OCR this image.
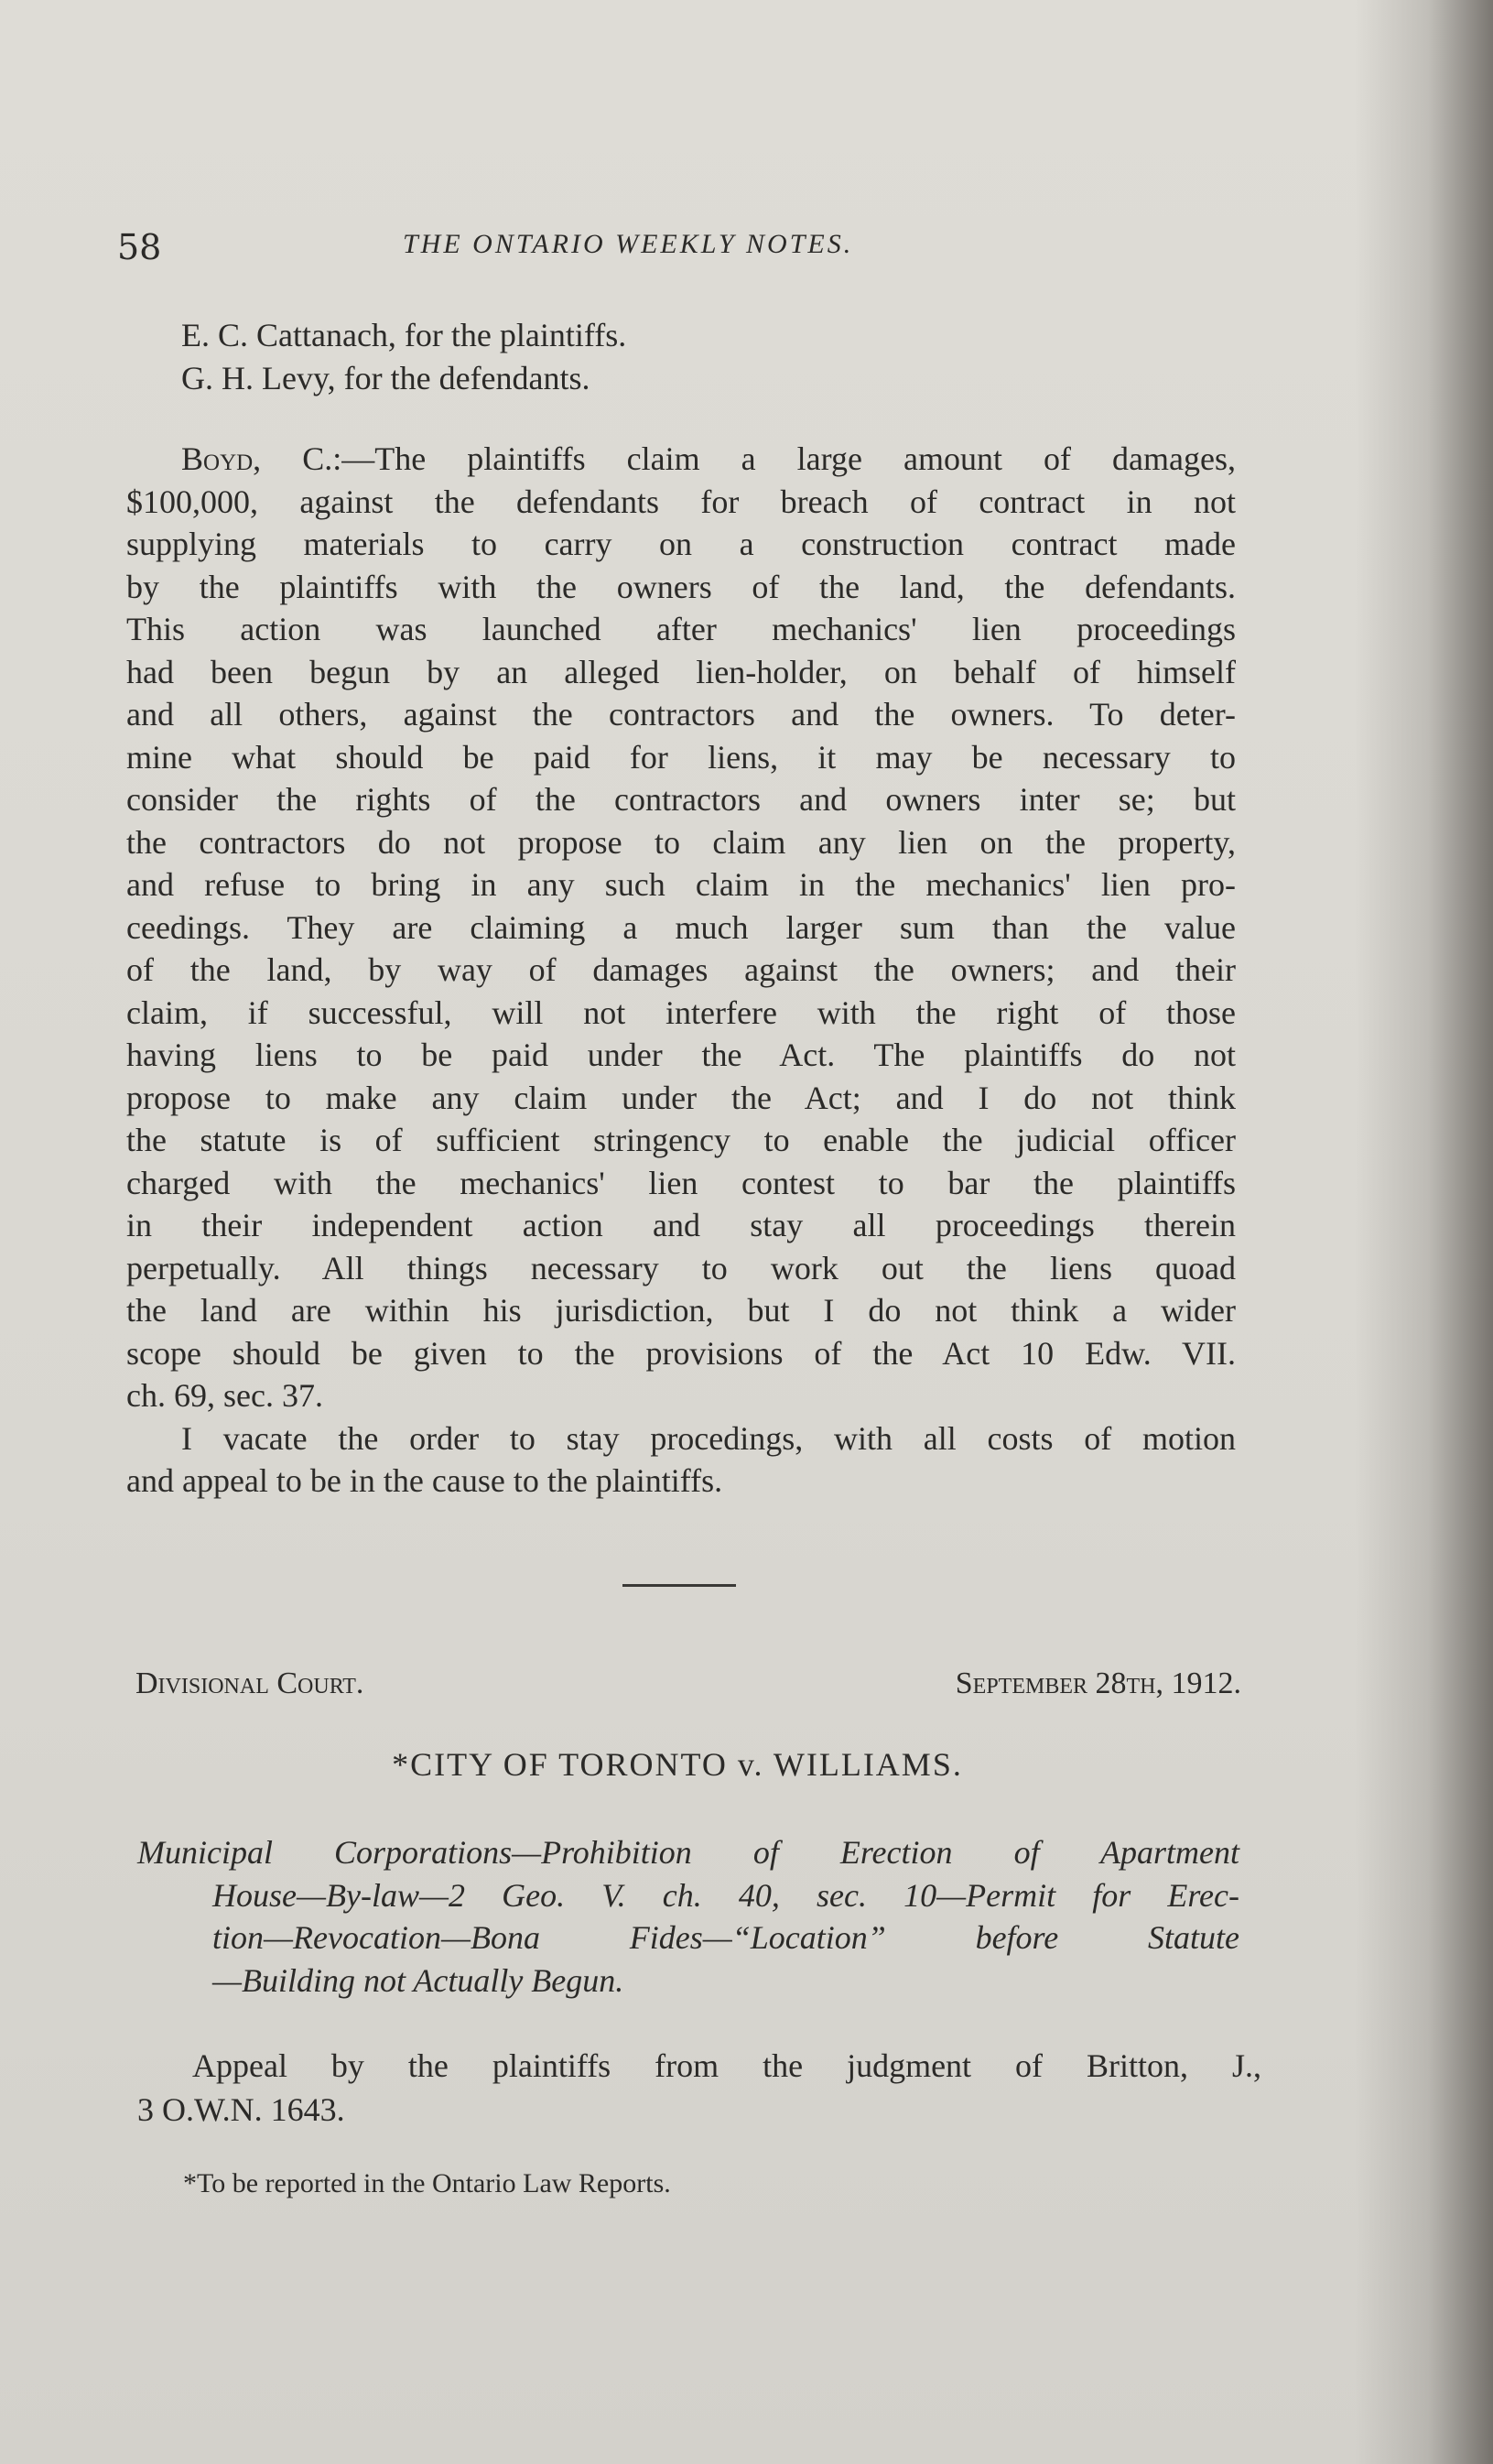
58	THE ONTARIO WEEKLY NOTES.
E. C. Cattanach, for the plaintiffs.
G. H. Levy, for the defendants.
Boyd, C.:—The plaintiffs claim a large amount of damages,
$100,000, against the defendants for breach of contract in not
supplying materials to carry on a construction contract made
by the plaintiffs with the owners of the land, the defendants.
This action was launched after mechanics' lien proceedings
had been begun by an alleged lien-holder, on behalf of himself
and all others, against the contractors and the owners. To deter-
mine what should be paid for liens, it may be necessary to
consider the rights of the contractors and owners inter se; but
the contractors do not propose to claim any lien on the property,
and refuse to bring in any such claim in the mechanics' lien pro-
ceedings. They are claiming a much larger sum than the value
of the land, by way of damages against the owners; and their
claim, if successful, will not interfere with the right of those
having liens to be paid under the Act. The plaintiffs do not
propose to make any claim under the Act; and I do not think
the statute is of sufficient stringency to enable the judicial officer
charged with the mechanics' lien contest to bar the plaintiffs
in their independent action and stay all proceedings therein
perpetually. All things necessary to work out the liens quoad
the land are within his jurisdiction, but I do not think a wider
scope should be given to the provisions of the Act 10 Edw. VII.
ch. 69, sec. 37.
I vacate the order to stay procedings, with all costs of motion
and appeal to be in the cause to the plaintiffs.
Divisional Court.	September 28th, 1912.
*CITY OF TORONTO v. WILLIAMS.
Municipal Corporations—Prohibition of Erection of Apartment
House—By-law—2 Geo. V. ch. 40, sec. 10—Permit for Erec-
tion—Revocation—Bona Fides—“Location” before Statute
—Building not Actually Begun.
Appeal by the plaintiffs from the judgment of Britton, J.,
3 O.W.N. 1643.
*To be reported in the Ontario Law Reports.
